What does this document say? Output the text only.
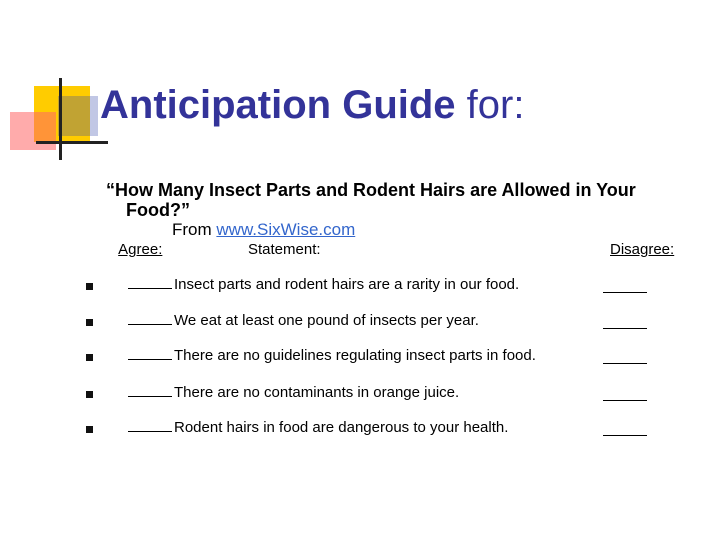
Anticipation Guide for:
“How Many Insect Parts and Rodent Hairs are Allowed in Your
Food?”
From www.SixWise.com
Agree:	Statement:	Disagree:
Insect parts and rodent hairs are a rarity in our food.
We eat at least one pound of insects per year.
There are no guidelines regulating insect parts in food.
There are no contaminants in orange juice.
Rodent hairs in food are dangerous to your health.
